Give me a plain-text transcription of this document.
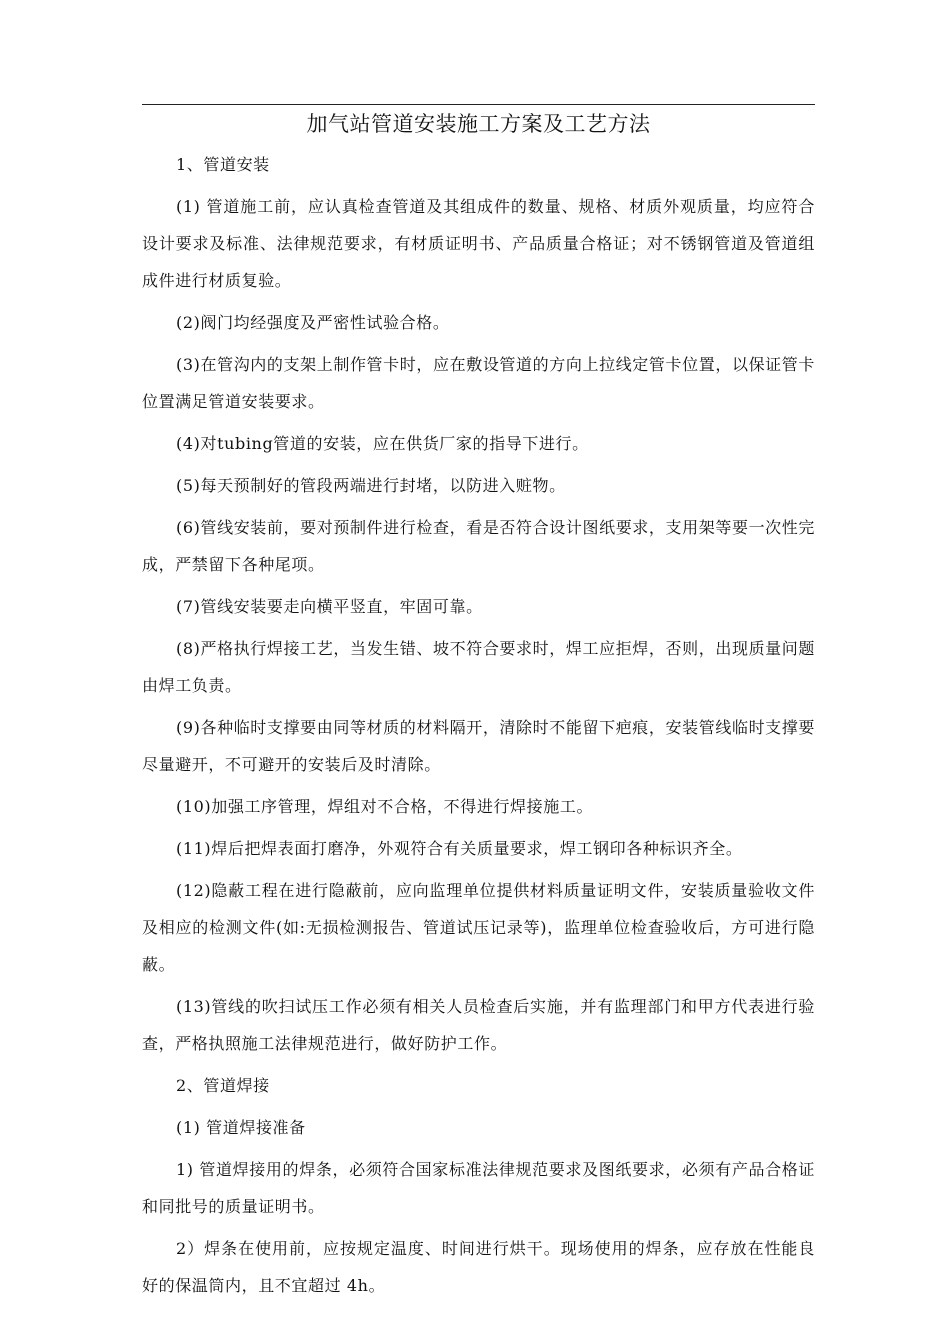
加气站管道安装施工方案及工艺方法

1、管道安装

(1) 管道施工前，应认真检查管道及其组成件的数量、规格、材质外观质量，均应符合设计要求及标准、法律规范要求，有材质证明书、产品质量合格证；对不锈钢管道及管道组成件进行材质复验。

(2)阀门均经强度及严密性试验合格。

(3)在管沟内的支架上制作管卡时，应在敷设管道的方向上拉线定管卡位置，以保证管卡位置满足管道安装要求。

(4)对tubing管道的安装，应在供货厂家的指导下进行。

(5)每天预制好的管段两端进行封堵，以防进入赃物。

(6)管线安装前，要对预制件进行检查，看是否符合设计图纸要求，支用架等要一次性完成，严禁留下各种尾项。

(7)管线安装要走向横平竖直，牢固可靠。

(8)严格执行焊接工艺，当发生错、坡不符合要求时，焊工应拒焊，否则，出现质量问题由焊工负责。

(9)各种临时支撑要由同等材质的材料隔开，清除时不能留下疤痕，安装管线临时支撑要尽量避开，不可避开的安装后及时清除。

(10)加强工序管理，焊组对不合格，不得进行焊接施工。

(11)焊后把焊表面打磨净，外观符合有关质量要求，焊工钢印各种标识齐全。

(12)隐蔽工程在进行隐蔽前，应向监理单位提供材料质量证明文件，安装质量验收文件及相应的检测文件(如:无损检测报告、管道试压记录等)，监理单位检查验收后，方可进行隐蔽。

(13)管线的吹扫试压工作必须有相关人员检查后实施，并有监理部门和甲方代表进行验查，严格执照施工法律规范进行，做好防护工作。

2、管道焊接

(1) 管道焊接准备

1) 管道焊接用的焊条，必须符合国家标准法律规范要求及图纸要求，必须有产品合格证和同批号的质量证明书。

2）焊条在使用前，应按规定温度、时间进行烘干。现场使用的焊条，应存放在性能良好的保温筒内，且不宜超过 4h。
